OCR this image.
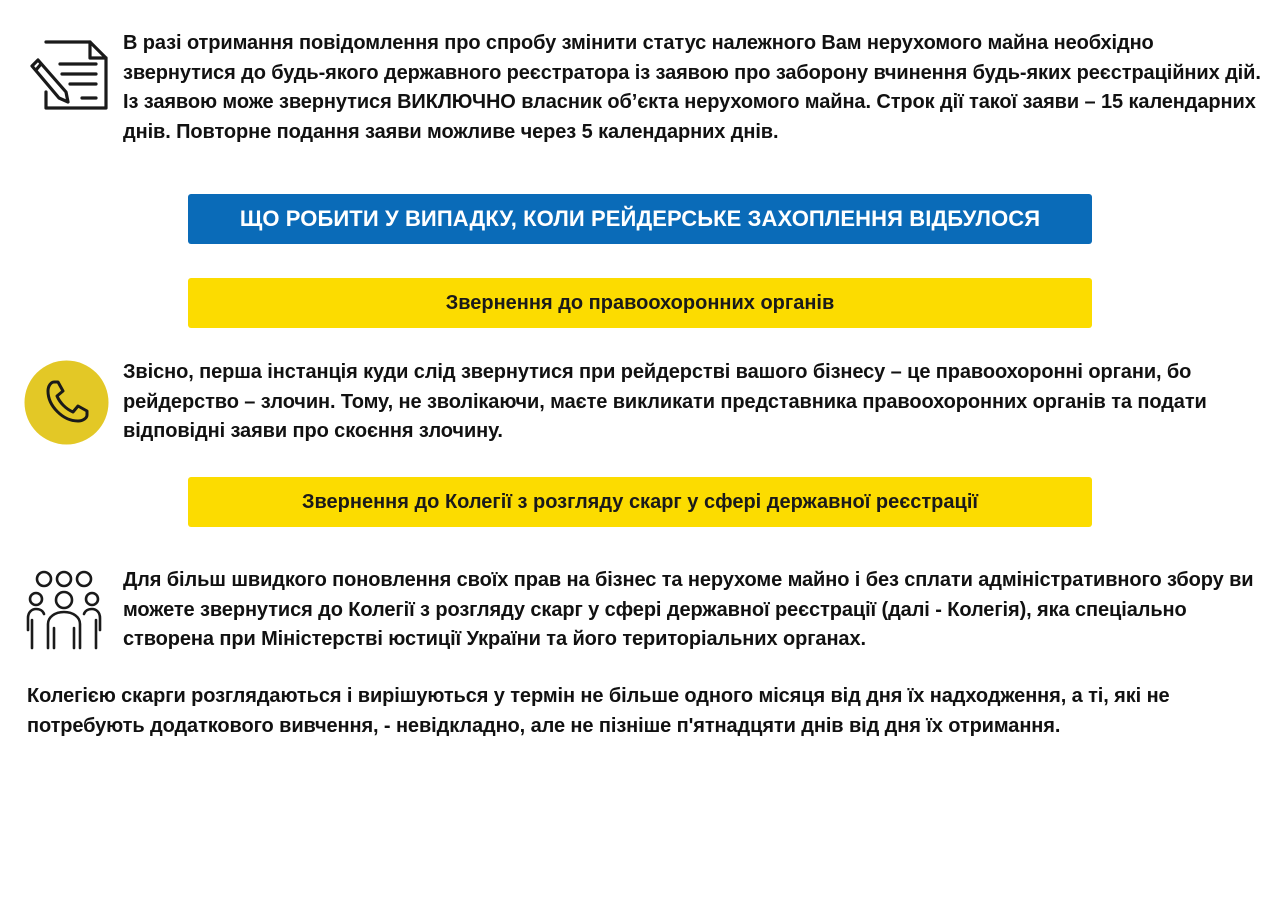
В разі отримання повідомлення про спробу змінити статус належного Вам нерухомого майна необхідно звернутися до будь-якого державного реєстратора із заявою про заборону вчинення будь-яких реєстраційних дій. Із заявою може звернутися ВИКЛЮЧНО власник об’єкта нерухомого майна. Строк дії такої заяви – 15 календарних днів. Повторне подання заяви можливе через 5 календарних днів.

ЩО РОБИТИ У ВИПАДКУ, КОЛИ РЕЙДЕРСЬКЕ ЗАХОПЛЕННЯ ВІДБУЛОСЯ
Звернення до правоохоронних органів

Звісно, перша інстанція куди слід звернутися при рейдерстві вашого бізнесу – це правоохоронні органи, бо рейдерство – злочин. Тому, не зволікаючи, маєте викликати представника правоохоронних органів та подати відповідні заяви про скоєння злочину.

Звернення до Колегії з розгляду скарг у сфері державної реєстрації

Для більш швидкого поновлення своїх прав на бізнес та нерухоме майно і без сплати адміністративного збору ви можете звернутися до Колегії з розгляду скарг у сфері державної реєстрації (далі - Колегія), яка спеціально створена при Міністерстві юстиції України та його територіальних органах.

Колегією скарги розглядаються і вирішуються у термін не більше одного місяця від дня їх надходження, а ті, які не потребують додаткового вивчення, - невідкладно, але не пізніше п'ятнадцяти днів від дня їх отримання.
